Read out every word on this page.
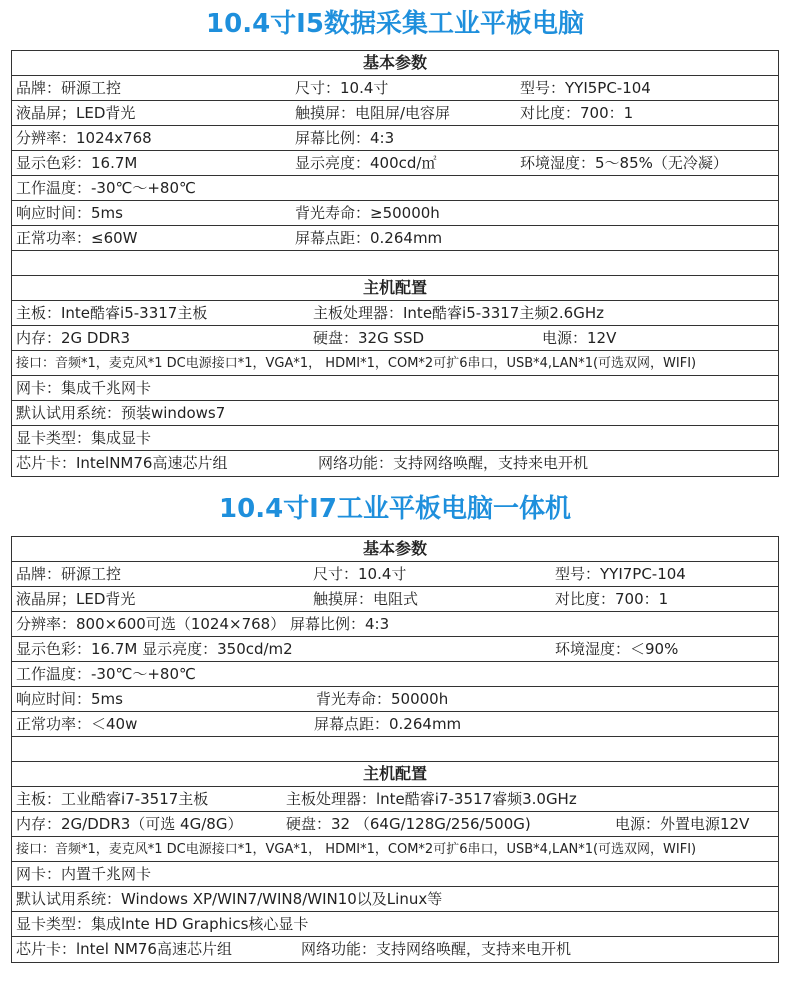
10.4寸I5数据采集工业平板电脑
基本参数
品牌：研源工控	尺寸：10.4寸	型号：YYI5PC-104
液晶屏；LED背光	触摸屏：电阻屏/电容屏	对比度：700：1
分辨率：1024x768	屏幕比例：4:3
显示色彩：16.7M	显示亮度：400cd/㎡	环境湿度：5～85%（无冷凝）
工作温度：-30℃～+80℃
响应时间：5ms	背光寿命：≥50000h
正常功率：≤60W	屏幕点距：0.264mm
主机配置
主板：Inte酷睿i5-3317主板	主板处理器：Inte酷睿i5-3317主频2.6GHz
内存：2G DDR3	硬盘：32G SSD	电源：12V
接口：音频*1，麦克风*1 DC电源接口*1，VGA*1， HDMI*1，COM*2可扩6串口，USB*4,LAN*1(可选双网，WIFI)
网卡：集成千兆网卡
默认试用系统：预装windows7
显卡类型：集成显卡
芯片卡：IntelNM76高速芯片组	网络功能：支持网络唤醒，支持来电开机
10.4寸I7工业平板电脑一体机
基本参数
品牌：研源工控	尺寸：10.4寸	型号：YYI7PC-104
液晶屏；LED背光	触摸屏：电阻式	对比度：700：1
分辨率：800×600可选（1024×768） 屏幕比例：4:3
显示色彩：16.7M 显示亮度：350cd/m2	环境湿度：＜90%
工作温度：-30℃～+80℃
响应时间：5ms	背光寿命：50000h
正常功率：＜40w	屏幕点距：0.264mm
主机配置
主板：工业酷睿i7-3517主板	主板处理器：lnte酷睿i7-3517睿频3.0GHz
内存：2G/DDR3（可选 4G/8G）	硬盘：32 （64G/128G/256/500G)	电源：外置电源12V
接口：音频*1，麦克风*1 DC电源接口*1，VGA*1， HDMI*1，COM*2可扩6串口，USB*4,LAN*1(可选双网，WIFI)
网卡：内置千兆网卡
默认试用系统：Windows XP/WIN7/WIN8/WIN10以及Linux等
显卡类型：集成lnte HD Graphics核心显卡
芯片卡：lntel NM76高速芯片组	网络功能：支持网络唤醒，支持来电开机
